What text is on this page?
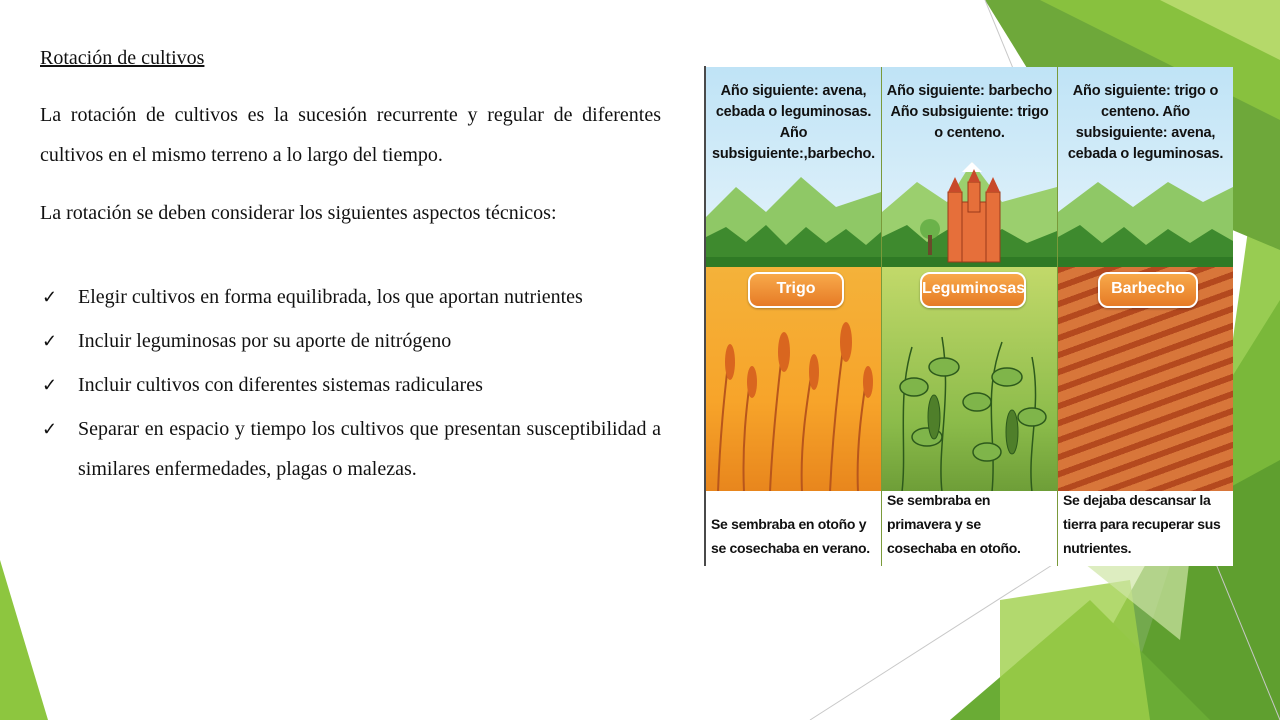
Rotación de cultivos

La rotación de cultivos es la sucesión recurrente y regular de diferentes cultivos en el mismo terreno a lo largo del tiempo.

La rotación se deben considerar los siguientes aspectos técnicos:

✓	Elegir cultivos en forma equilibrada, los que aportan nutrientes
✓	Incluir leguminosas por su aporte de nitrógeno
✓	Incluir cultivos con diferentes sistemas radiculares
✓	Separar en espacio y tiempo los cultivos que presentan susceptibilidad a similares enfermedades, plagas o malezas.
Año siguiente: avena, cebada o leguminosas. Año subsiguiente:,barbecho.
Trigo
Se sembraba en otoño y se cosechaba en verano.
Año siguiente: barbecho Año subsiguiente: trigo o centeno.
Leguminosas
Se sembraba en primavera y se cosechaba en otoño.
Año siguiente: trigo o centeno. Año subsiguiente: avena, cebada o leguminosas.
Barbecho
Se dejaba descansar la tierra para recuperar sus nutrientes.
